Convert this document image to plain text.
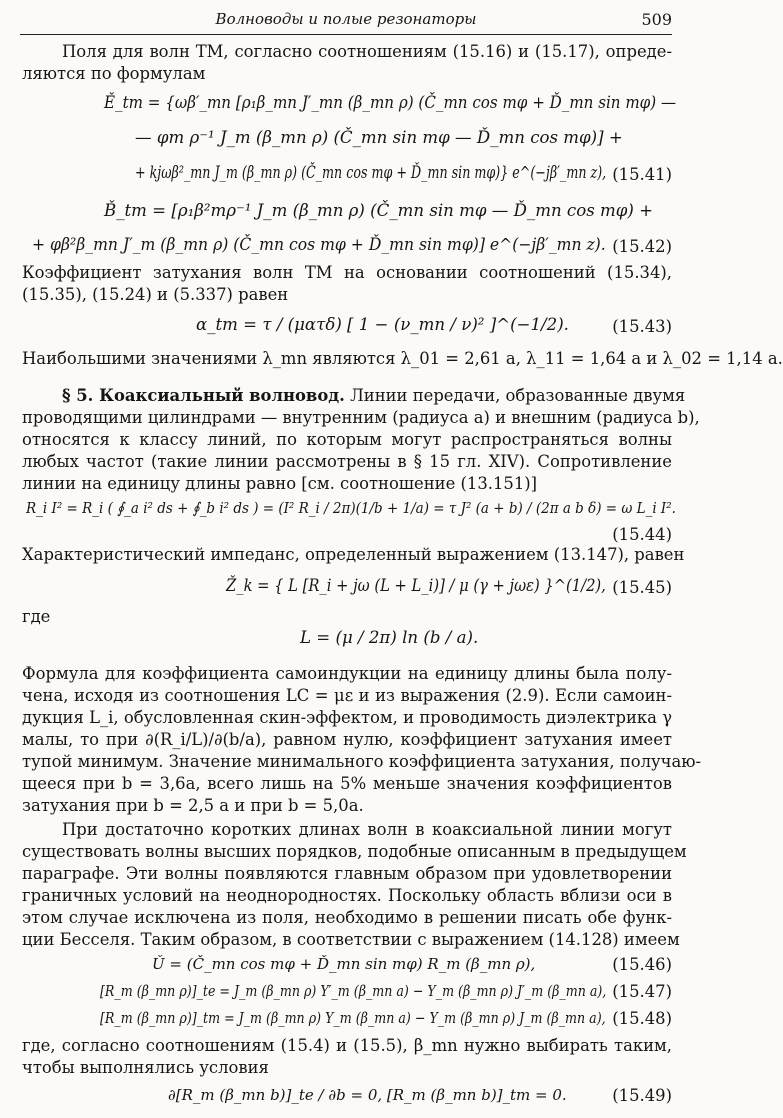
Волноводы и полые резонаторы	509
Поля для волн TM, согласно соотношениям (15.16) и (15.17), опреде-
ляются по формулам
Ě_tm = {ωβ′_mn [ρ₁β_mn J′_mn (β_mn ρ) (Č_mn cos mφ + Ď_mn sin mφ) —
— φm ρ⁻¹ J_m (β_mn ρ) (Č_mn sin mφ — Ď_mn cos mφ)] +
+ kjωβ²_mn J_m (β_mn ρ) (Č_mn cos mφ + Ď_mn sin mφ)} e^(−jβ′_mn z), (15.41)
B̌_tm = [ρ₁β²mρ⁻¹ J_m (β_mn ρ) (Č_mn sin mφ — Ď_mn cos mφ) +
+ φβ²β_mn J′_m (β_mn ρ) (Č_mn cos mφ + Ď_mn sin mφ)] e^(−jβ′_mn z). (15.42)
Коэффициент затухания волн TM на основании соотношений (15.34),
(15.35), (15.24) и (5.337) равен
α_tm = τ / (ματδ) [ 1 − (ν_mn / ν)² ]^(−1/2).	(15.43)
Наибольшими значениями λ_mn являются λ_01 = 2,61 a, λ_11 = 1,64 a и λ_02 = 1,14 a.
§ 5. Коаксиальный волновод. Линии передачи, образованные двумя
проводящими цилиндрами — внутренним (радиуса a) и внешним (радиуса b),
относятся к классу линий, по которым могут распространяться волны
любых частот (такие линии рассмотрены в § 15 гл. XIV). Сопротивление
линии на единицу длины равно [см. соотношение (13.151)]
R_i I² = R_i ( ∮_a i² ds + ∮_b i² ds ) = (I² R_i / 2π)(1/b + 1/a) = τ J² (a + b) / (2π a b δ) = ω L_i I².
(15.44)
Характеристический импеданс, определенный выражением (13.147), равен
Ž_k = { L [R_i + jω (L + L_i)] / μ (γ + jωε) }^(1/2), (15.45)
где
L = (μ / 2π) ln (b / a).
Формула для коэффициента самоиндукции на единицу длины была полу-
чена, исходя из соотношения LC = με и из выражения (2.9). Если самоин-
дукция L_i, обусловленная скин-эффектом, и проводимость диэлектрика γ
малы, то при ∂(R_i/L)/∂(b/a), равном нулю, коэффициент затухания имеет
тупой минимум. Значение минимального коэффициента затухания, получаю-
щееся при b = 3,6a, всего лишь на 5% меньше значения коэффициентов
затухания при b = 2,5 a и при b = 5,0a.
При достаточно коротких длинах волн в коаксиальной линии могут
существовать волны высших порядков, подобные описанным в предыдущем
параграфе. Эти волны появляются главным образом при удовлетворении
граничных условий на неоднородностях. Поскольку область вблизи оси в
этом случае исключена из поля, необходимо в решении писать обе функ-
ции Бесселя. Таким образом, в соответствии с выражением (14.128) имеем
Ǔ = (Č_mn cos mφ + Ď_mn sin mφ) R_m (β_mn ρ),	(15.46)
[R_m (β_mn ρ)]_te = J_m (β_mn ρ) Y′_m (β_mn a) − Y_m (β_mn ρ) J′_m (β_mn a), (15.47)
[R_m (β_mn ρ)]_tm = J_m (β_mn ρ) Y_m (β_mn a) − Y_m (β_mn ρ) J_m (β_mn a), (15.48)
где, согласно соотношениям (15.4) и (15.5), β_mn нужно выбирать таким,
чтобы выполнялись условия
∂[R_m (β_mn b)]_te / ∂b = 0, [R_m (β_mn b)]_tm = 0.	(15.49)
